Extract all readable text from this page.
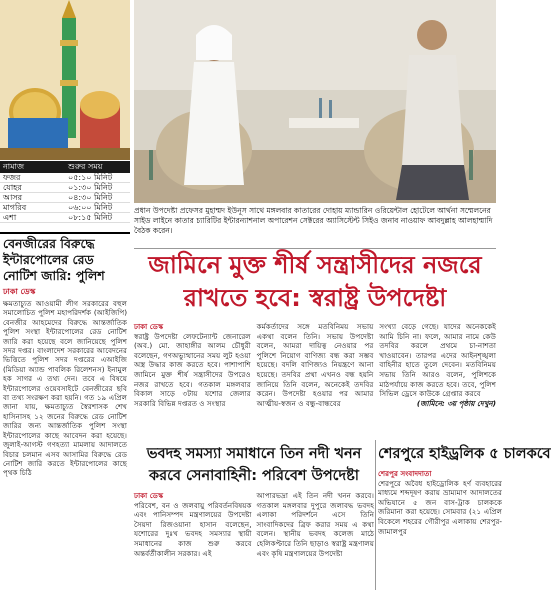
নামাজ	শুরুর সময়
ফজর	০৫:১০ মিনিট
যোহর	০১:৩০ মিনিট
আসর	০৪:৩০ মিনিট
মাগরিব	০৬:০০ মিনিট
এশা	০৮:১৫ মিনিট
বেনজীরের বিরুদ্ধে ইন্টারপোলের রেড নোটিশ জারি: পুলিশ
ঢাকা ডেস্ক
ক্ষমতাচ্যুত আওয়ামী লীগ সরকারের বহুল সমালোচিত পুলিশ মহাপরিদর্শক (আইজিপি) বেনজীর আহমেদের বিরুদ্ধে আন্তর্জাতিক পুলিশ সংস্থা ইন্টারপোলের রেড নোটিশ জারি করা হয়েছে বলে জানিয়েছে পুলিশ সদর দপ্তর। বাংলাদেশ সরকারের আবেদনের ভিত্তিতে পুলিশ সদর দপ্তরের এআইজি (মিডিয়া অ্যান্ড পাবলিক রিলেশনস) ইনামুল হক সাগর এ তথ্য দেন। তবে এ বিষয়ে ইন্টারপোলের ওয়েবসাইটে বেনজীরের ছবি বা তথ্য সংরক্ষণ করা হয়নি। গত ১৯ এপ্রিল জানা যায়, ক্ষমতাচ্যুত স্বৈরশাসক শেখ হাসিনাসহ ১২ জনের বিরুদ্ধে রেড নোটিশ জারির জন্য আন্তর্জাতিক পুলিশ সংস্থা ইন্টারপোলের কাছে আবেদন করা হয়েছে। জুলাই-আগস্ট গণহত্যা মামলায় আদালতে বিচার চলমান এসব আসামির বিরুদ্ধে রেড নোটিশ জারি করতে ইন্টারপোলের কাছে পৃথক চিঠি
প্রধান উপদেষ্টা প্রফেসর মুহাম্মদ ইউনূস সাথে মঙ্গলবার কাতারের দোহায় ম্যান্ডারিন ওরিয়েন্টাল হোটেলে আর্থনা সম্মেলনের সাইড লাইনে কাতার চ্যারিটির ইন্টারন্যাশনাল অপারেশন সেক্টরের অ্যাসিস্টেন্ট সিইও জনাব নাওয়াফ আবদুল্লাহ আলহাম্মাদি বৈঠক করেন।
জামিনে মুক্ত শীর্ষ সন্ত্রাসীদের নজরে রাখতে হবে: স্বরাষ্ট্র উপদেষ্টা
ঢাকা ডেস্ক
স্বরাষ্ট্র উপদেষ্টা লেফটেন্যান্ট জেনারেল (অব.) মো. জাহাঙ্গীর আলম চৌধুরী বলেছেন, গণঅভ্যুত্থানের সময় লুট হওয়া অস্ত্র উদ্ধার কাজ করতে হবে। পাশাপাশি জামিনে মুক্ত শীর্ষ সন্ত্রাসীদের উপরেও নজর রাখতে হবে। গতকাল মঙ্গলবার বিকাল সাড়ে ৩টায় যশোর জেলার সরকারি বিভিন্ন দপ্তরত ও সংস্থার
কর্মকর্তাদের সঙ্গে মতবিনিময় সভায় একথা বলেন তিনি। সভায় উপদেষ্টা বলেন, আমরা দায়িত্ব নেওয়ার পর পুলিশে নিয়োগ বাণিজ্য বন্ধ করা সম্ভব হয়েছে। বদলি বাণিজ্যও নিয়ন্ত্রণে আনা হয়েছে। তদবির প্রথা এখনও বন্ধ হয়নি জানিয়ে তিনি বলেন, অনেকেই তদবির করেন। উপদেষ্টা হওয়ার পর আমার আত্মীয়-স্বজন ও বন্ধু-বান্ধবের
সংখ্যা বেড়ে গেছে। যাদের অনেককেই আমি চিনি না। ফলে, আমার নামে কেউ তদবির করলে প্রথমে চা-নাশতা খাওয়াবেন। তারপর এদের আইনশৃঙ্খলা বাহিনীর হাতে তুলে দেবেন। মতবিনিময় সভায় তিনি আরও বলেন, পুলিশকে মাঠপর্যায়ে কাজ করতে হবে। তবে, পুলিশ সিভিল ড্রেসে কাউকে গ্রেপ্তার করবে
(জামিনে: ৩য় পৃষ্ঠায় দেখুন)
ভবদহ সমস্যা সমাধানে তিন নদী খনন করবে সেনাবাহিনী: পরিবেশ উপদেষ্টা
ঢাকা ডেস্ক
পরিবেশ, বন ও জলবায়ু পরিবর্তনবিষয়ক এবং পানিসম্পদ মন্ত্রণালয়ের উপদেষ্টা সৈয়দা রিজওয়ানা হাসান বলেছেন, যশোরের দুঃখ ভবদহ সমস্যার স্থায়ী সমাধানের কাজ শুরু করবে অন্তর্বর্তীকালীন সরকার। এই
আপারভদ্রা এই তিন নদী খনন করবে। গতকাল মঙ্গলবার দুপুরে জলাবদ্ধ ভবদহ এলাকা পরিদর্শনে এসে তিনি সাংবাদিকদের ব্রিফ করার সময় এ কথা বলেন। স্থানীয় ভবদহ কলেজ মাঠে হেলিকপ্টারে তিনি ছাড়াও স্বরাষ্ট্র মন্ত্রণালয় এবং কৃষি মন্ত্রণালয়ের উপদেষ্টা
শেরপুরে হাইড্রলিক ৫ চালকবে
শেরপুর সংবাদদাতা
শেরপুরে অবৈধ হাইড্রোলিক হর্ণ ব্যবহারের মাধ্যমে শব্দদূষণ করায় ভ্রাম্যমাণ আদালতের অভিযানে ৫ জন বাস-ট্রাক চালককে জরিমানা করা হয়েছে। সোমবার (২১ এপ্রিল বিকেলে শহরের গৌরীপুর এলাকায় শেরপুর-জামালপুর
